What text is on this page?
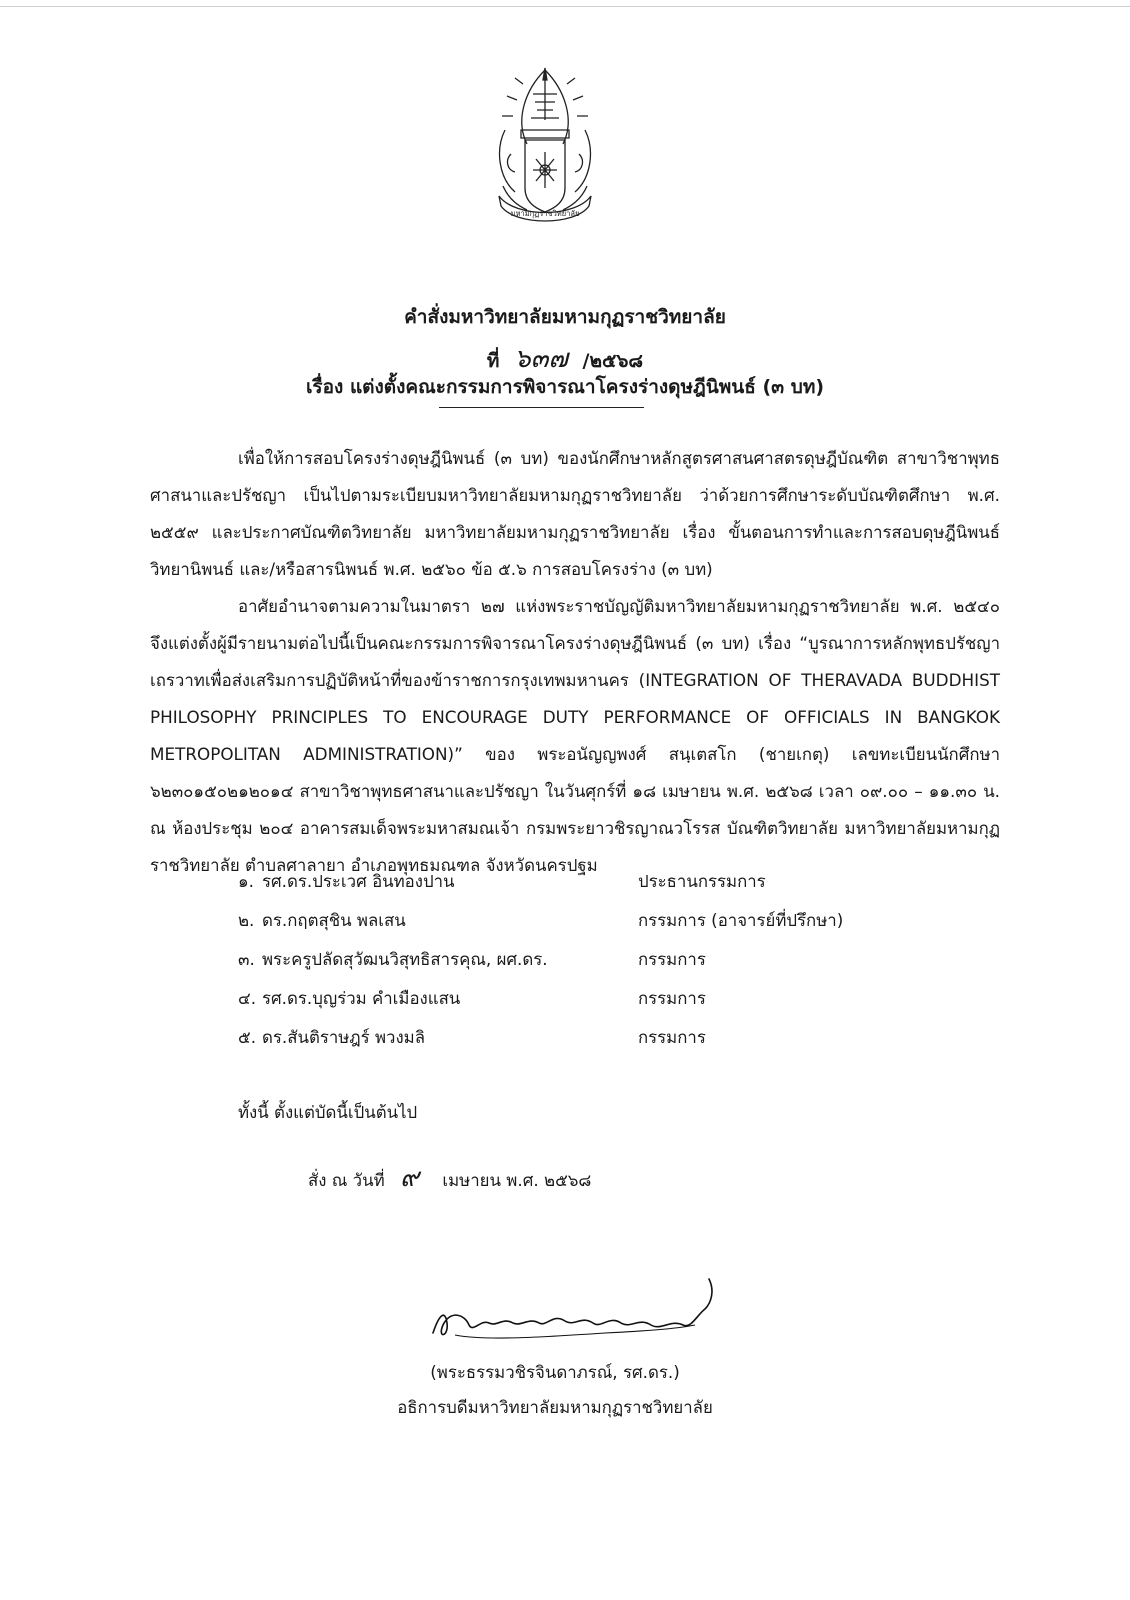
มหามกุฏราชวิทยาลัย
คำสั่งมหาวิทยาลัยมหามกุฏราชวิทยาลัย
ที่ ๖๓๗ /๒๕๖๘
เรื่อง แต่งตั้งคณะกรรมการพิจารณาโครงร่างดุษฎีนิพนธ์ (๓ บท)
เพื่อให้การสอบโครงร่างดุษฎีนิพนธ์ (๓ บท) ของนักศึกษาหลักสูตรศาสนศาสตรดุษฎีบัณฑิต สาขาวิชาพุทธศาสนาและปรัชญา เป็นไปตามระเบียบมหาวิทยาลัยมหามกุฏราชวิทยาลัย ว่าด้วยการศึกษาระดับบัณฑิตศึกษา พ.ศ. ๒๕๕๙ และประกาศบัณฑิตวิทยาลัย มหาวิทยาลัยมหามกุฏราชวิทยาลัย เรื่อง ขั้นตอนการทำและการสอบดุษฎีนิพนธ์ วิทยานิพนธ์ และ/หรือสารนิพนธ์ พ.ศ. ๒๕๖๐ ข้อ ๕.๖ การสอบโครงร่าง (๓ บท)
อาศัยอำนาจตามความในมาตรา ๒๗ แห่งพระราชบัญญัติมหาวิทยาลัยมหามกุฏราชวิทยาลัย พ.ศ. ๒๕๔๐ จึงแต่งตั้งผู้มีรายนามต่อไปนี้เป็นคณะกรรมการพิจารณาโครงร่างดุษฎีนิพนธ์ (๓ บท) เรื่อง “บูรณาการหลักพุทธปรัชญาเถรวาทเพื่อส่งเสริมการปฏิบัติหน้าที่ของข้าราชการกรุงเทพมหานคร (INTEGRATION OF THERAVADA BUDDHIST PHILOSOPHY PRINCIPLES TO ENCOURAGE DUTY PERFORMANCE OF OFFICIALS IN BANGKOK METROPOLITAN ADMINISTRATION)” ของ พระอนัญญพงศ์ สนฺเตสโก (ชายเกตุ) เลขทะเบียนนักศึกษา ๖๒๓๐๑๕๐๒๑๒๐๑๔ สาขาวิชาพุทธศาสนาและปรัชญา ในวันศุกร์ที่ ๑๘ เมษายน พ.ศ. ๒๕๖๘ เวลา ๐๙.๐๐ – ๑๑.๓๐ น. ณ ห้องประชุม ๒๐๔ อาคารสมเด็จพระมหาสมณเจ้า กรมพระยาวชิรญาณวโรรส บัณฑิตวิทยาลัย มหาวิทยาลัยมหามกุฏราชวิทยาลัย ตำบลศาลายา อำเภอพุทธมณฑล จังหวัดนครปฐม
๑. รศ.ดร.ประเวศ อินทองปาน	ประธานกรรมการ
๒. ดร.กฤตสุชิน พลเสน	กรรมการ (อาจารย์ที่ปรึกษา)
๓. พระครูปลัดสุวัฒนวิสุทธิสารคุณ, ผศ.ดร.	กรรมการ
๔. รศ.ดร.บุญร่วม คำเมืองแสน	กรรมการ
๕. ดร.สันติราษฎร์ พวงมลิ	กรรมการ
ทั้งนี้ ตั้งแต่บัดนี้เป็นต้นไป
สั่ง ณ วันที่ ๙ เมษายน พ.ศ. ๒๕๖๘
(พระธรรมวชิรจินดาภรณ์, รศ.ดร.)
อธิการบดีมหาวิทยาลัยมหามกุฏราชวิทยาลัย
